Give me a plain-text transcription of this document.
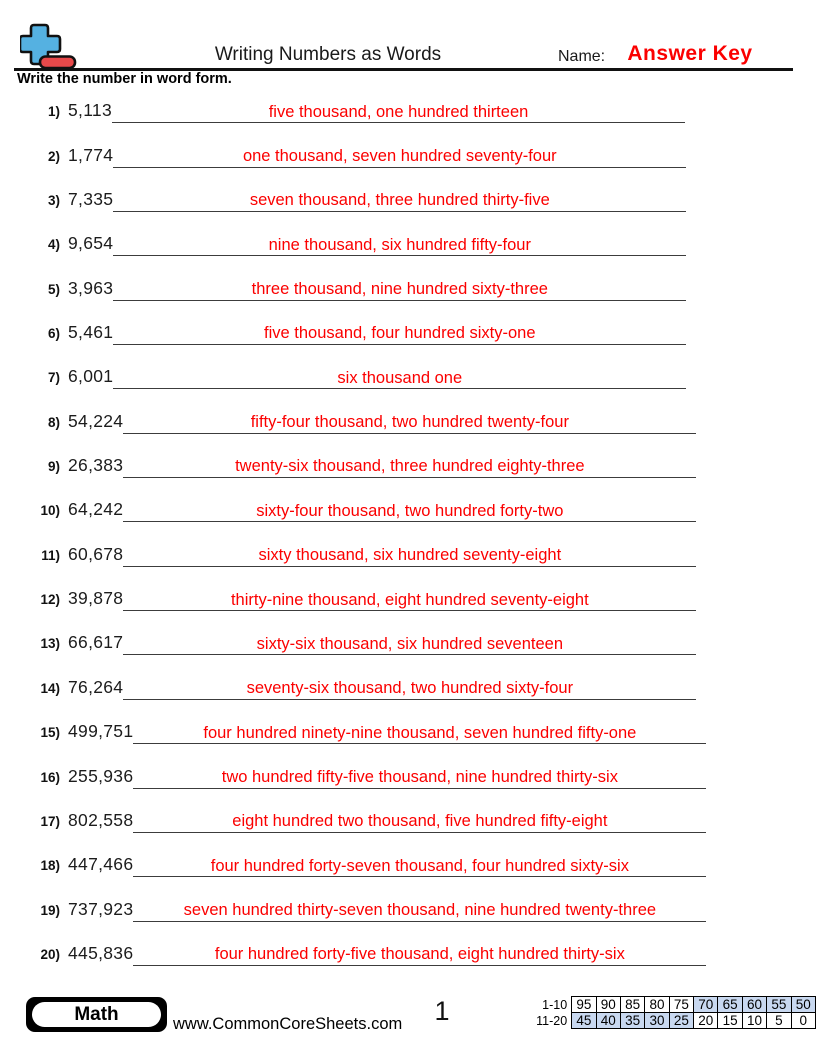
Writing Numbers as Words	Name: Answer Key
Write the number in word form.
1) 5,113	five thousand, one hundred thirteen
2) 1,774	one thousand, seven hundred seventy-four
3) 7,335	seven thousand, three hundred thirty-five
4) 9,654	nine thousand, six hundred fifty-four
5) 3,963	three thousand, nine hundred sixty-three
6) 5,461	five thousand, four hundred sixty-one
7) 6,001	six thousand one
8) 54,224	fifty-four thousand, two hundred twenty-four
9) 26,383	twenty-six thousand, three hundred eighty-three
10) 64,242	sixty-four thousand, two hundred forty-two
11) 60,678	sixty thousand, six hundred seventy-eight
12) 39,878	thirty-nine thousand, eight hundred seventy-eight
13) 66,617	sixty-six thousand, six hundred seventeen
14) 76,264	seventy-six thousand, two hundred sixty-four
15) 499,751	four hundred ninety-nine thousand, seven hundred fifty-one
16) 255,936	two hundred fifty-five thousand, nine hundred thirty-six
17) 802,558	eight hundred two thousand, five hundred fifty-eight
18) 447,466	four hundred forty-seven thousand, four hundred sixty-six
19) 737,923	seven hundred thirty-seven thousand, nine hundred twenty-three
20) 445,836	four hundred forty-five thousand, eight hundred thirty-six
Math	www.CommonCoreSheets.com	1	1-10	95	90	85	80	75	70	65	60	55	50
11-20	45	40	35	30	25	20	15	10	5	0
